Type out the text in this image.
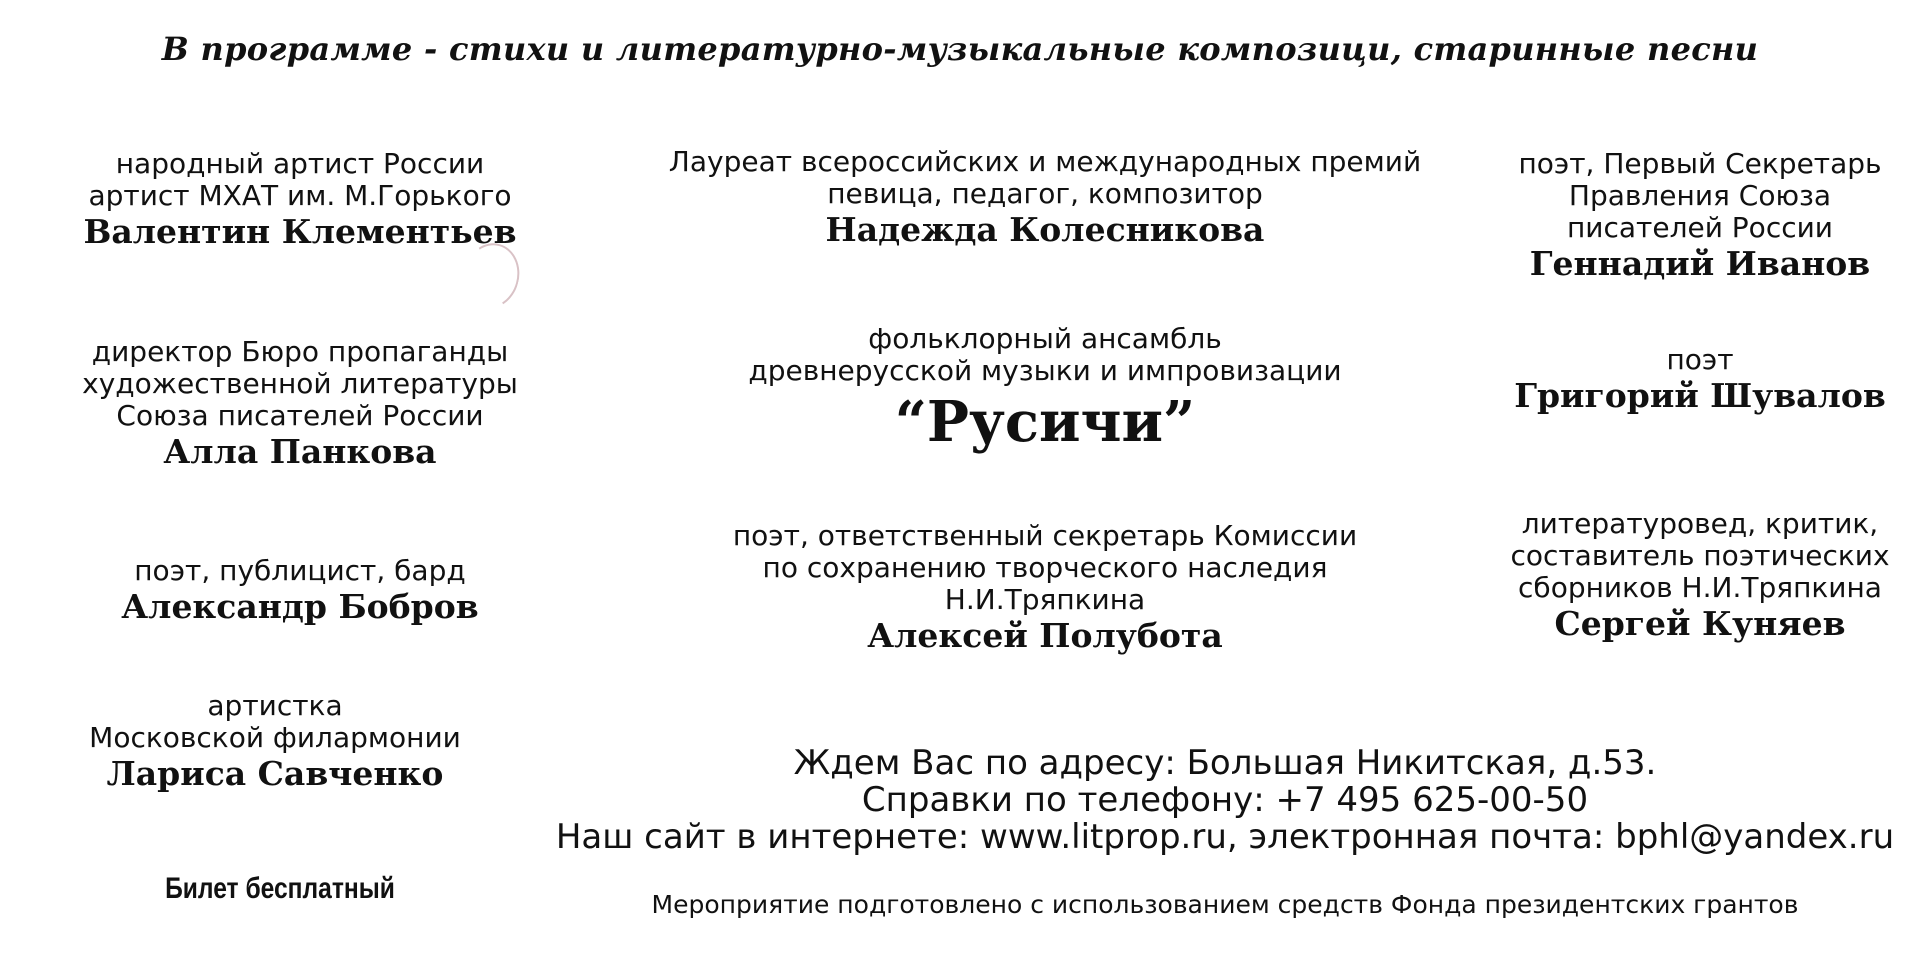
В программе - стихи и литературно-музыкальные композици, старинные песни
народный артист России
артист МХАТ им. М.Горького
Валентин Клементьев
директор Бюро пропаганды
художественной литературы
Союза писателей России
Алла Панкова
поэт, публицист, бард
Александр Бобров
артистка
Московской филармонии
Лариса Савченко
Лауреат всероссийских и международных премий
певица, педагог, композитор
Надежда Колесникова
фольклорный ансамбль
древнерусской музыки и импровизации
“Русичи”
поэт, ответственный секретарь Комиссии
по сохранению творческого наследия
Н.И.Тряпкина
Алексей Полубота
поэт, Первый Секретарь
Правления Союза
писателей России
Геннадий Иванов
поэт
Григорий Шувалов
литературовед, критик,
составитель поэтических
сборников Н.И.Тряпкина
Сергей Куняев
Ждем Вас по адресу: Большая Никитская, д.53.
Справки по телефону: +7 495 625-00-50
Наш сайт в интернете: www.litprop.ru, электронная почта: bphl@yandex.ru
Билет бесплатный	Мероприятие подготовлено с использованием средств Фонда президентских грантов
